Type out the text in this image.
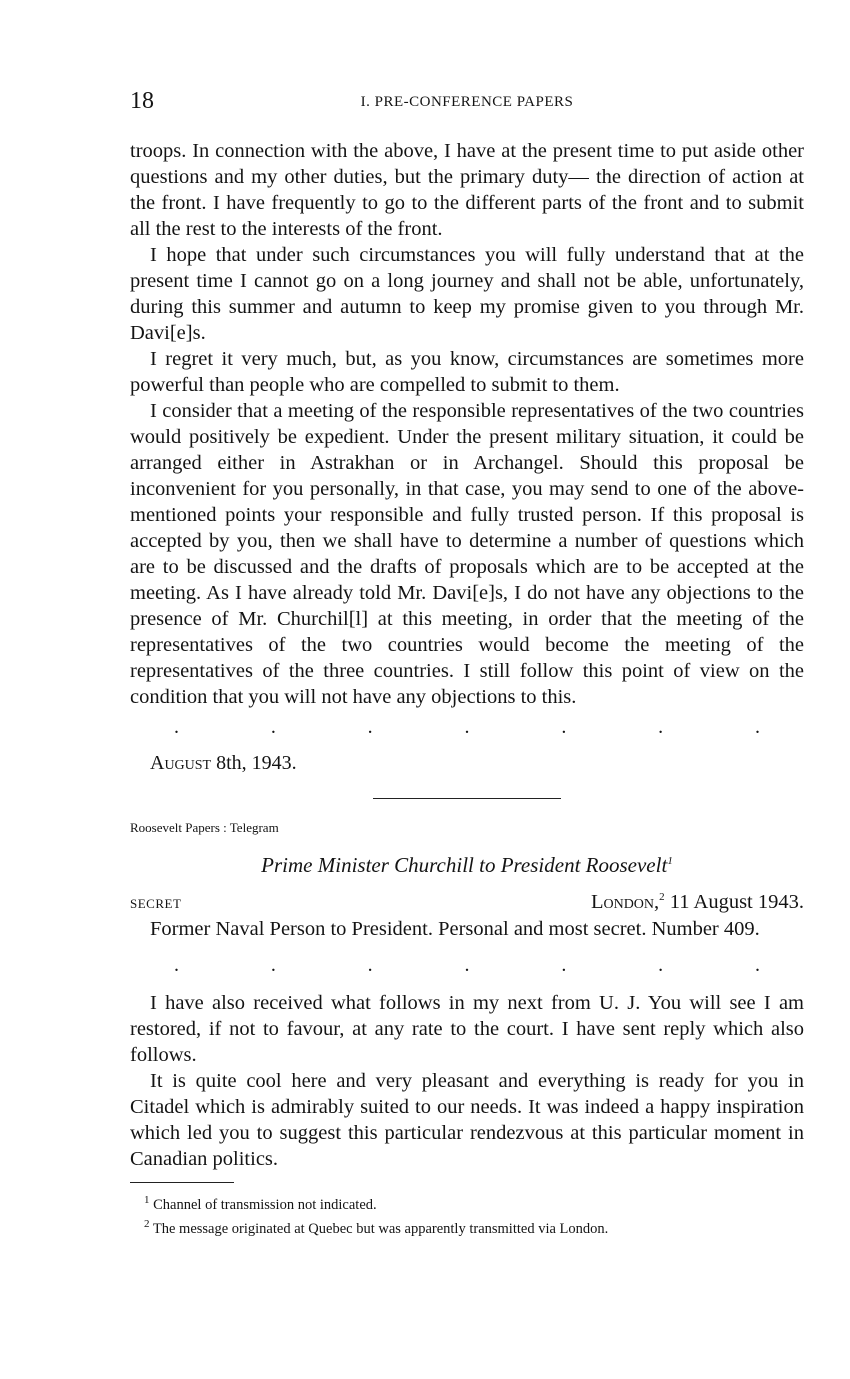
18	I. PRE-CONFERENCE PAPERS

troops. In connection with the above, I have at the present time to put aside other questions and my other duties, but the primary duty— the direction of action at the front. I have frequently to go to the different parts of the front and to submit all the rest to the interests of the front.

I hope that under such circumstances you will fully understand that at the present time I cannot go on a long journey and shall not be able, unfortunately, during this summer and autumn to keep my promise given to you through Mr. Davi[e]s.

I regret it very much, but, as you know, circumstances are sometimes more powerful than people who are compelled to submit to them.

I consider that a meeting of the responsible representatives of the two countries would positively be expedient. Under the present military situation, it could be arranged either in Astrakhan or in Archangel. Should this proposal be inconvenient for you personally, in that case, you may send to one of the above-mentioned points your responsible and fully trusted person. If this proposal is accepted by you, then we shall have to determine a number of questions which are to be discussed and the drafts of proposals which are to be accepted at the meeting. As I have already told Mr. Davi[e]s, I do not have any objections to the presence of Mr. Churchil[l] at this meeting, in order that the meeting of the representatives of the two countries would become the meeting of the representatives of the three countries. I still follow this point of view on the condition that you will not have any objections to this.

.	.	.	.	.	.	.
August 8th, 1943.
Roosevelt Papers : Telegram
Prime Minister Churchill to President Roosevelt$^1$
SECRET	London,$^2$ 11 August 1943.

Former Naval Person to President. Personal and most secret. Number 409.

.	.	.	.	.	.	.

I have also received what follows in my next from U. J. You will see I am restored, if not to favour, at any rate to the court. I have sent reply which also follows.

It is quite cool here and very pleasant and everything is ready for you in Citadel which is admirably suited to our needs. It was indeed a happy inspiration which led you to suggest this particular rendezvous at this particular moment in Canadian politics.

$^1$ Channel of transmission not indicated.
$^2$ The message originated at Quebec but was apparently transmitted via London.
